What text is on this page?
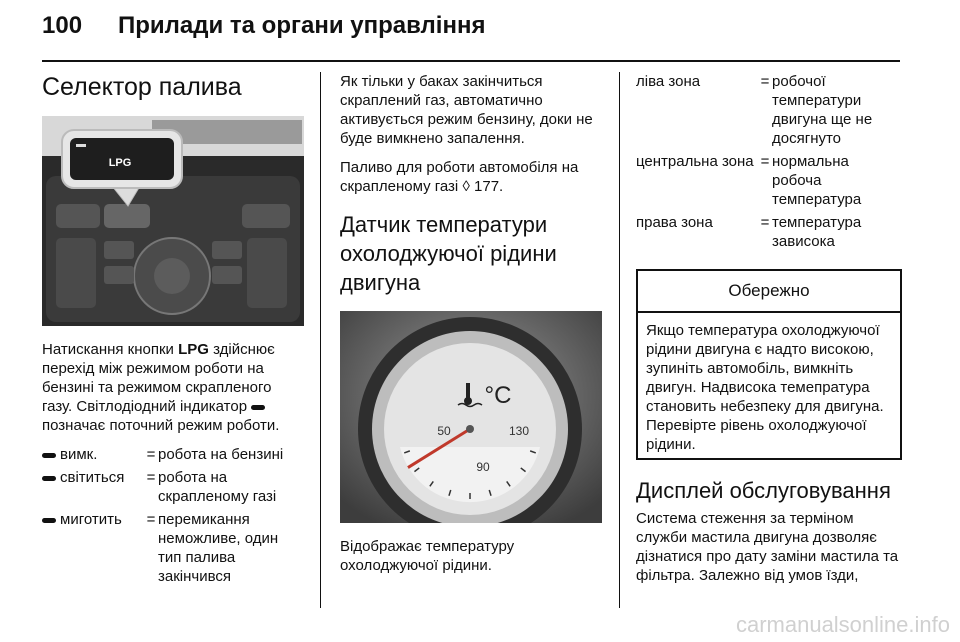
100 Прилади та органи управління
Селектор палива
LPG

Натискання кнопки LPG здійснює перехід між режимом роботи на бензині та режимом скрапленого газу. Світлодіодний індикатор  позначає поточний режим роботи.

вимк.	=	робота на бензині
світиться	=	робота на скрапленому газі
миготить	=	перемикання неможливе, один тип палива закінчився

Як тільки у баках закінчиться скраплений газ, автоматично активується режим бензину, доки не буде вимкнено запалення.

Паливо для роботи автомобіля на скрапленому газі ◊ 177.

Датчик температури охолоджуючої рідини двигуна
°C
50	130
90

Відображає температуру охолоджуючої рідини.

ліва зона	=	робочої температури двигуна ще не досягнуто
центральна зона	=	нормальна робоча температура
права зона	=	температура зависока
Обережно
Якщо температура охолоджуючої рідини двигуна є надто високою, зупиніть автомобіль, вимкніть двигун. Надвисока темепратура становить небезпеку для двигуна. Перевірте рівень охолоджуючої рідини.
Дисплей обслуговування

Система стеження за терміном служби мастила двигуна дозволяє дізнатися про дату заміни мастила та фільтра. Залежно від умов їзди,

carmanualsonline.info
